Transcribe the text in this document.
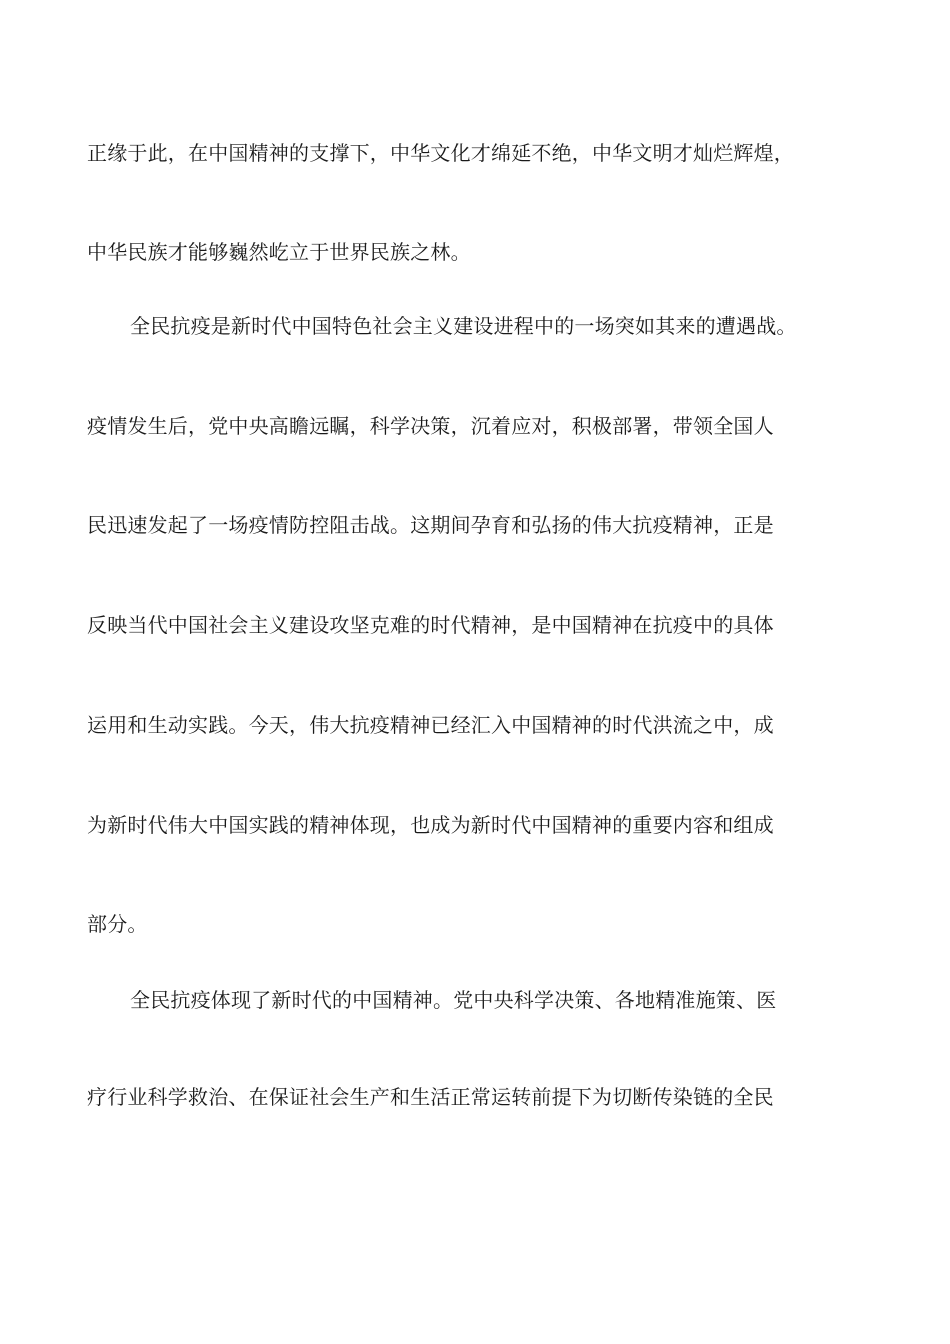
正缘于此，在中国精神的支撑下，中华文化才绵延不绝，中华文明才灿烂辉煌，
中华民族才能够巍然屹立于世界民族之林。
全民抗疫是新时代中国特色社会主义建设进程中的一场突如其来的遭遇战。
疫情发生后，党中央高瞻远瞩，科学决策，沉着应对，积极部署，带领全国人
民迅速发起了一场疫情防控阻击战。这期间孕育和弘扬的伟大抗疫精神，正是
反映当代中国社会主义建设攻坚克难的时代精神，是中国精神在抗疫中的具体
运用和生动实践。今天，伟大抗疫精神已经汇入中国精神的时代洪流之中，成
为新时代伟大中国实践的精神体现，也成为新时代中国精神的重要内容和组成
部分。
全民抗疫体现了新时代的中国精神。党中央科学决策、各地精准施策、医
疗行业科学救治、在保证社会生产和生活正常运转前提下为切断传染链的全民
